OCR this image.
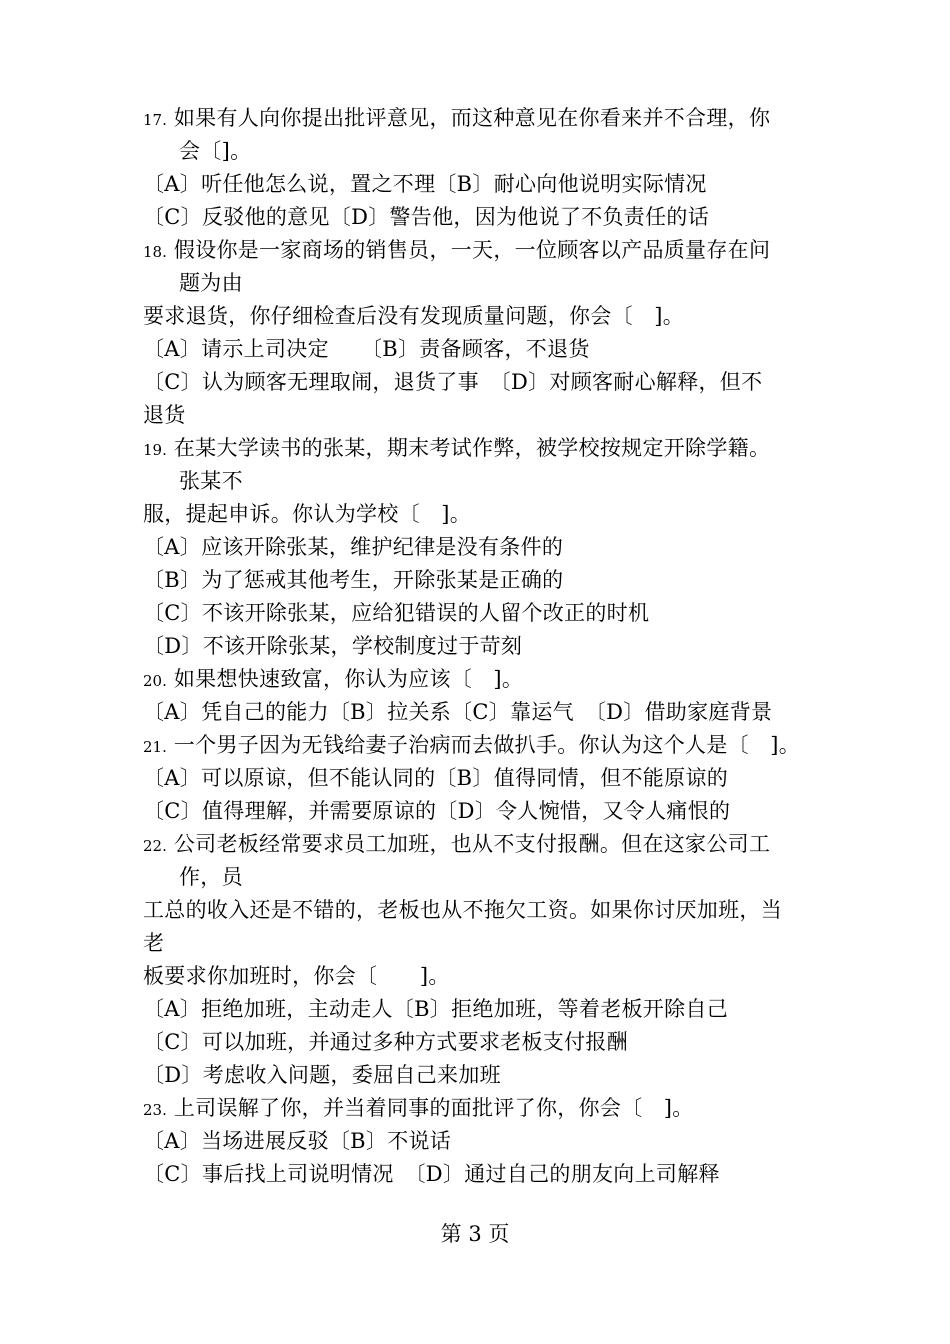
17. 如果有人向你提出批评意见，而这种意见在你看来并不合理，你
会〔]。
〔A〕听任他怎么说，置之不理〔B〕耐心向他说明实际情况
〔C〕反驳他的意见〔D〕警告他，因为他说了不负责任的话
18. 假设你是一家商场的销售员，一天，一位顾客以产品质量存在问
题为由
要求退货，你仔细检查后没有发现质量问题，你会〔　]。
〔A〕请示上司决定　　〔B〕责备顾客，不退货
〔C〕认为顾客无理取闹，退货了事　〔D〕对顾客耐心解释，但不
退货
19. 在某大学读书的张某，期末考试作弊，被学校按规定开除学籍。
张某不
服，提起申诉。你认为学校〔　]。
〔A〕应该开除张某，维护纪律是没有条件的
〔B〕为了惩戒其他考生，开除张某是正确的
〔C〕不该开除张某，应给犯错误的人留个改正的时机
〔D〕不该开除张某，学校制度过于苛刻
20. 如果想快速致富，你认为应该〔　]。
〔A〕凭自己的能力〔B〕拉关系〔C〕靠运气　〔D〕借助家庭背景
21. 一个男子因为无钱给妻子治病而去做扒手。你认为这个人是〔　]。
〔A〕可以原谅，但不能认同的〔B〕值得同情，但不能原谅的
〔C〕值得理解，并需要原谅的〔D〕令人惋惜，又令人痛恨的
22. 公司老板经常要求员工加班，也从不支付报酬。但在这家公司工
作，员
工总的收入还是不错的，老板也从不拖欠工资。如果你讨厌加班，当
老
板要求你加班时，你会〔　　]。
〔A〕拒绝加班，主动走人〔B〕拒绝加班，等着老板开除自己
〔C〕可以加班，并通过多种方式要求老板支付报酬
〔D〕考虑收入问题，委屈自己来加班
23. 上司误解了你，并当着同事的面批评了你，你会〔　]。
〔A〕当场进展反驳〔B〕不说话
〔C〕事后找上司说明情况　〔D〕通过自己的朋友向上司解释
第 3 页
